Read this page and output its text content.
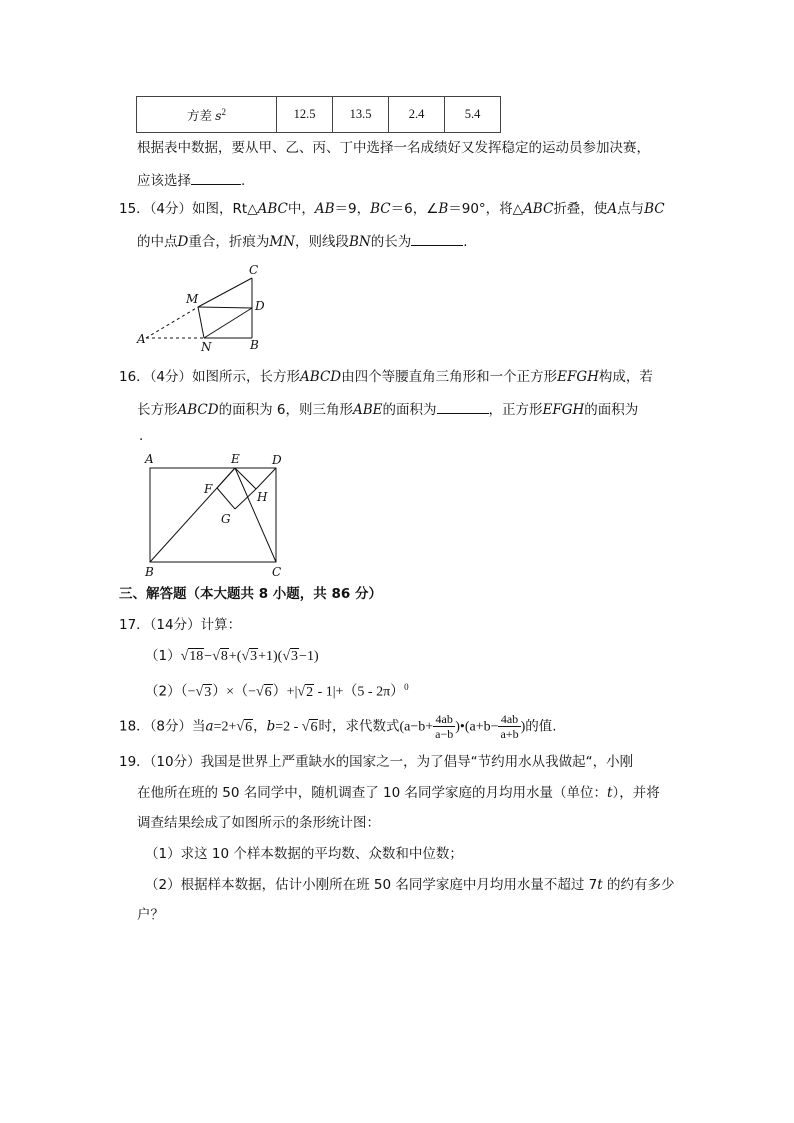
方差 $s^2$	12.5	13.5	2.4	5.4
根据表中数据，要从甲、乙、丙、丁中选择一名成绩好又发挥稳定的运动员参加决赛，
应该选择	.
15．（4分）如图，Rt△ABC中，AB＝9，BC＝6，∠B＝90°，将△ABC折叠，使A点与BC
的中点D重合，折痕为MN，则线段BN的长为	.
C
M	D
A
N	B
16．（4分）如图所示，长方形ABCD由四个等腰直角三角形和一个正方形EFGH构成，若
长方形ABCD的面积为 6，则三角形ABE的面积为	，正方形EFGH的面积为
.
A	E	D
F
H
G
B	C
三、解答题（本大题共 8 小题，共 86 分）
17．（14分）计算：
（1）√18−√8+(√3+1)(√3−1)
（2）（−√3）×（−√6）+|√2 - 1|+（5 - 2π）$^0$
18．（8分）当a=2+√6，b=2 - √6时，求代数式($a-b+ \frac{4ab}{a-b}$ )•(a+b− $\frac{4ab}{a+b}$ )的值.
19．（10分）我国是世界上严重缺水的国家之一，为了倡导“节约用水从我做起“，小刚
在他所在班的 50 名同学中，随机调查了 10 名同学家庭的月均用水量（单位：t），并将
调查结果绘成了如图所示的条形统计图：
（1）求这 10 个样本数据的平均数、众数和中位数；
（2）根据样本数据，估计小刚所在班 50 名同学家庭中月均用水量不超过 7t 的约有多少
户？
